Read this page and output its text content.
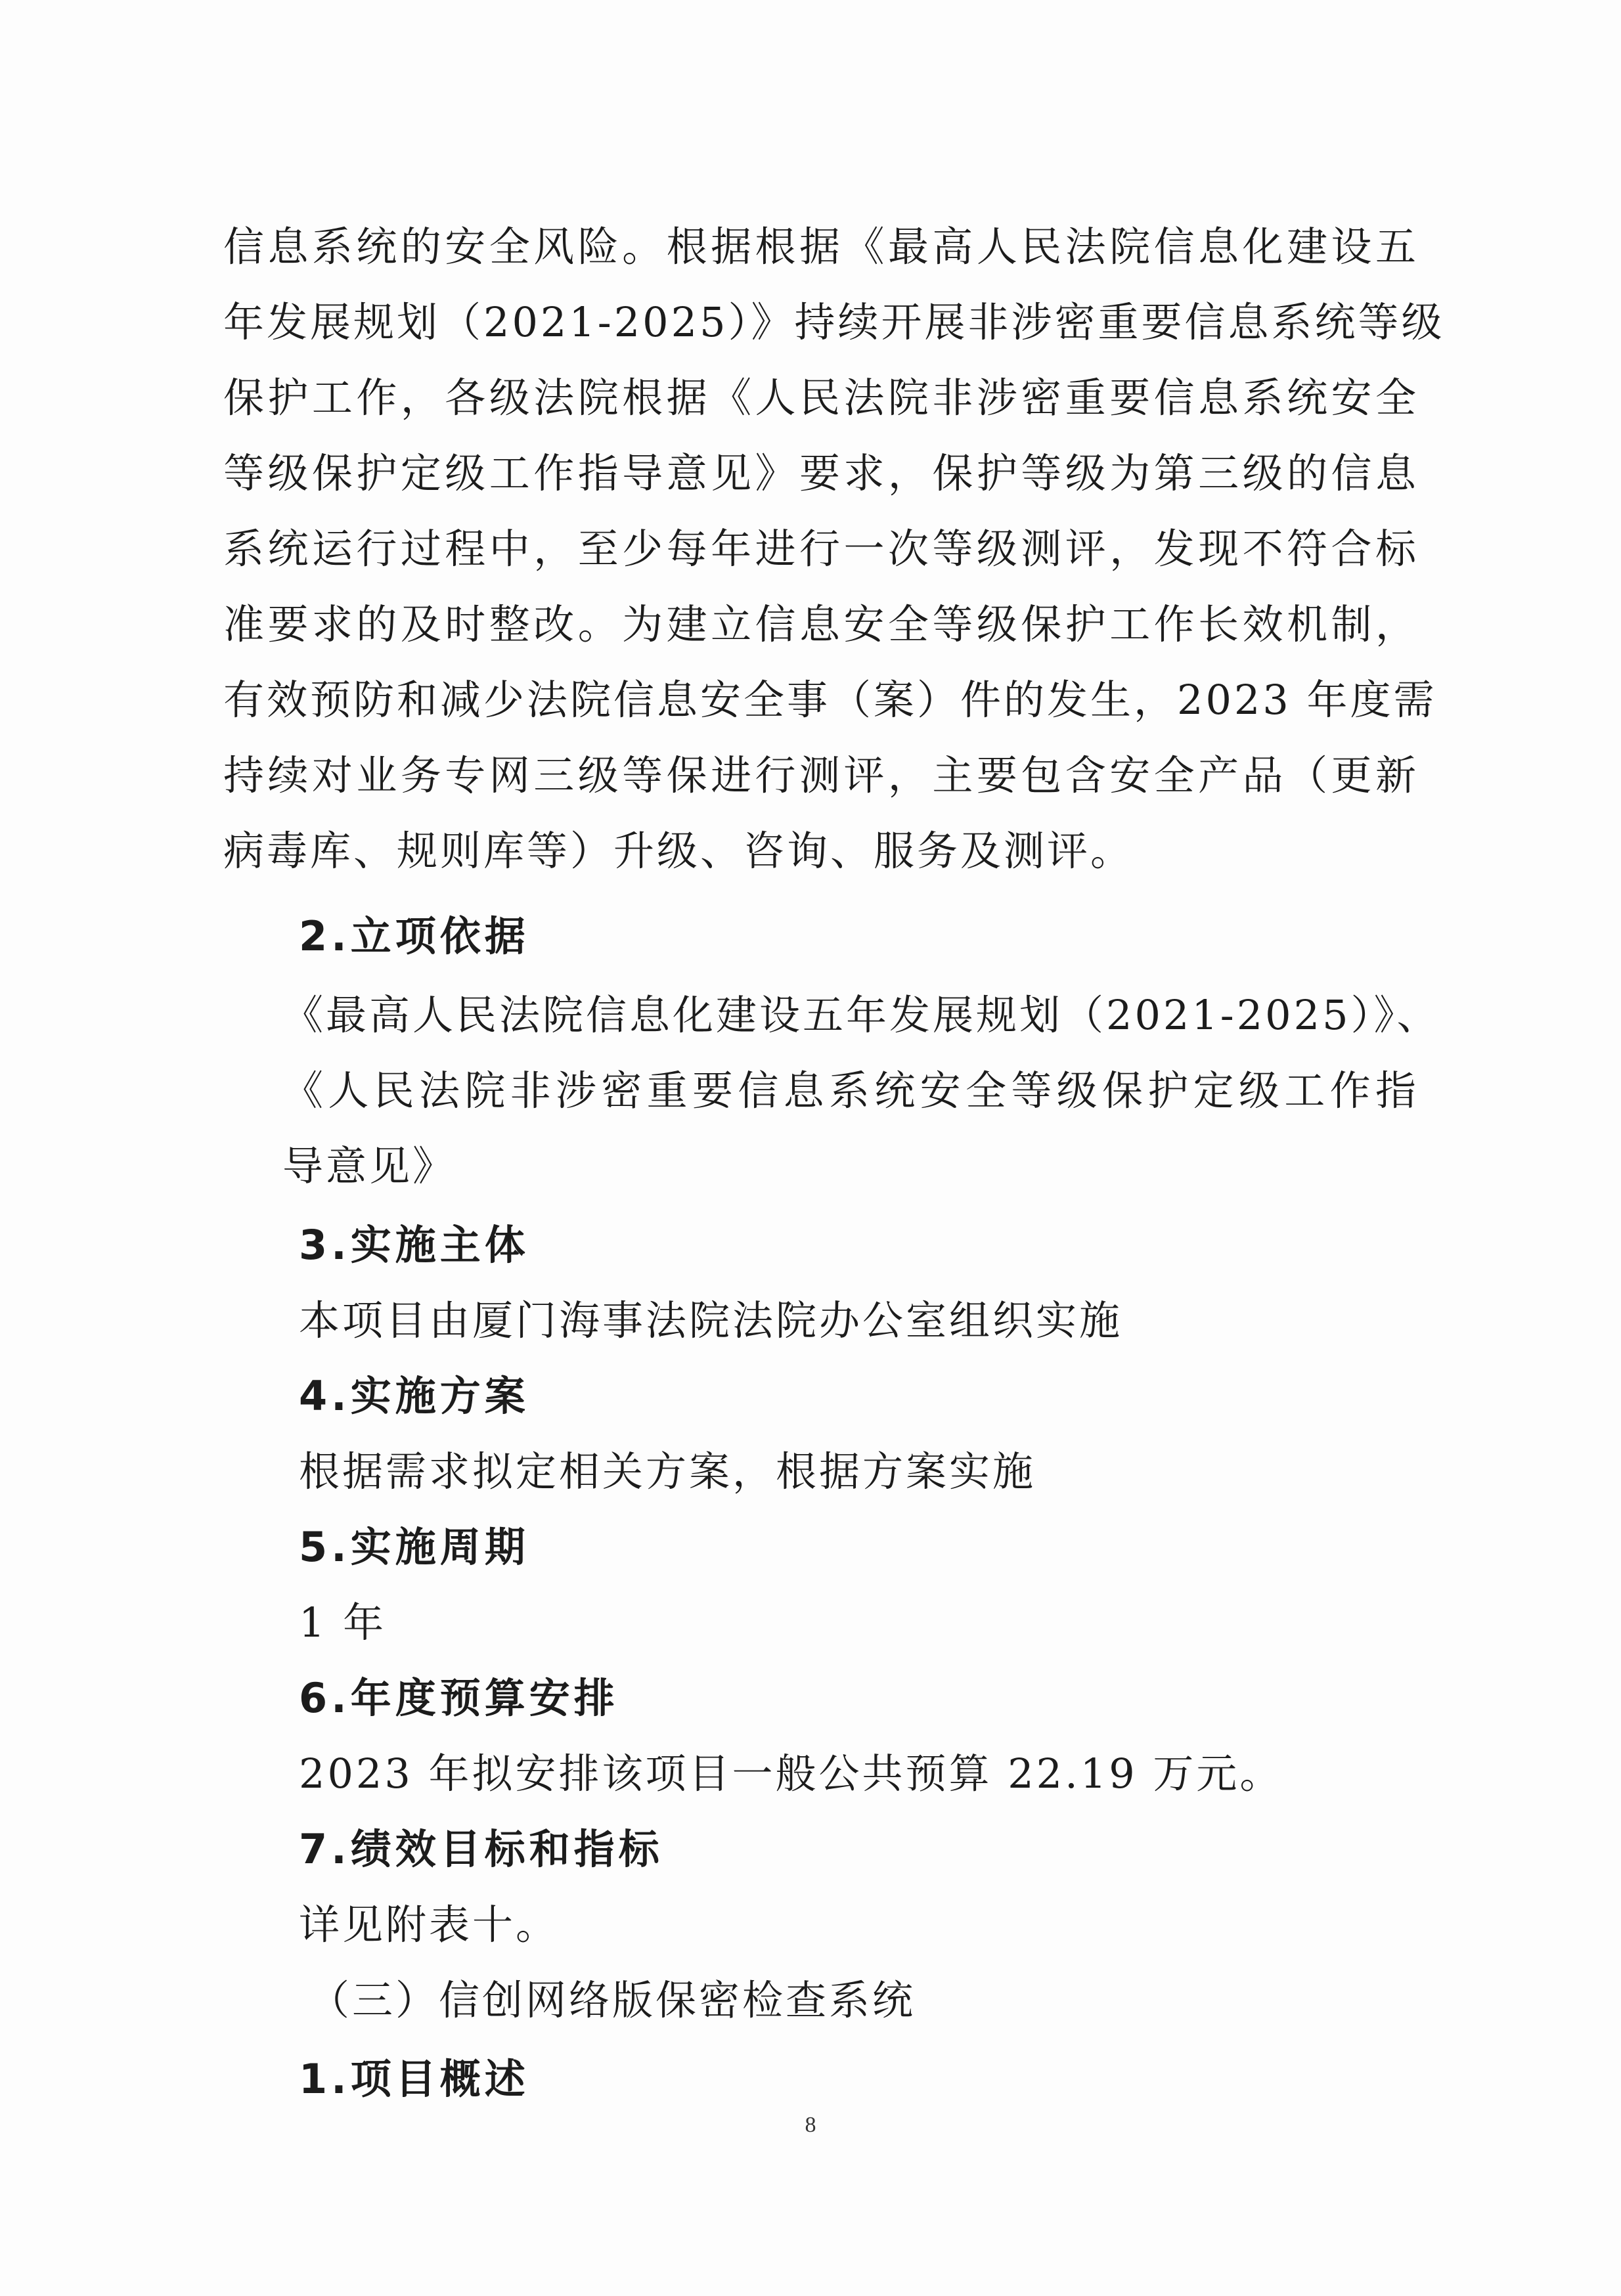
信息系统的安全风险。根据根据《最高人民法院信息化建设五
年发展规划（2021-2025）》持续开展非涉密重要信息系统等级
保护工作，各级法院根据《人民法院非涉密重要信息系统安全
等级保护定级工作指导意见》要求，保护等级为第三级的信息
系统运行过程中，至少每年进行一次等级测评，发现不符合标
准要求的及时整改。为建立信息安全等级保护工作长效机制，
有效预防和减少法院信息安全事（案）件的发生，2023 年度需
持续对业务专网三级等保进行测评，主要包含安全产品（更新
病毒库、规则库等）升级、咨询、服务及测评。
2.立项依据
《最高人民法院信息化建设五年发展规划（2021-2025）》、
《人民法院非涉密重要信息系统安全等级保护定级工作指
导意见》
3.实施主体
本项目由厦门海事法院法院办公室组织实施
4.实施方案
根据需求拟定相关方案，根据方案实施
5.实施周期
1 年
6.年度预算安排
2023 年拟安排该项目一般公共预算 22.19 万元。
7.绩效目标和指标
详见附表十。
（三）信创网络版保密检查系统
1.项目概述
8
